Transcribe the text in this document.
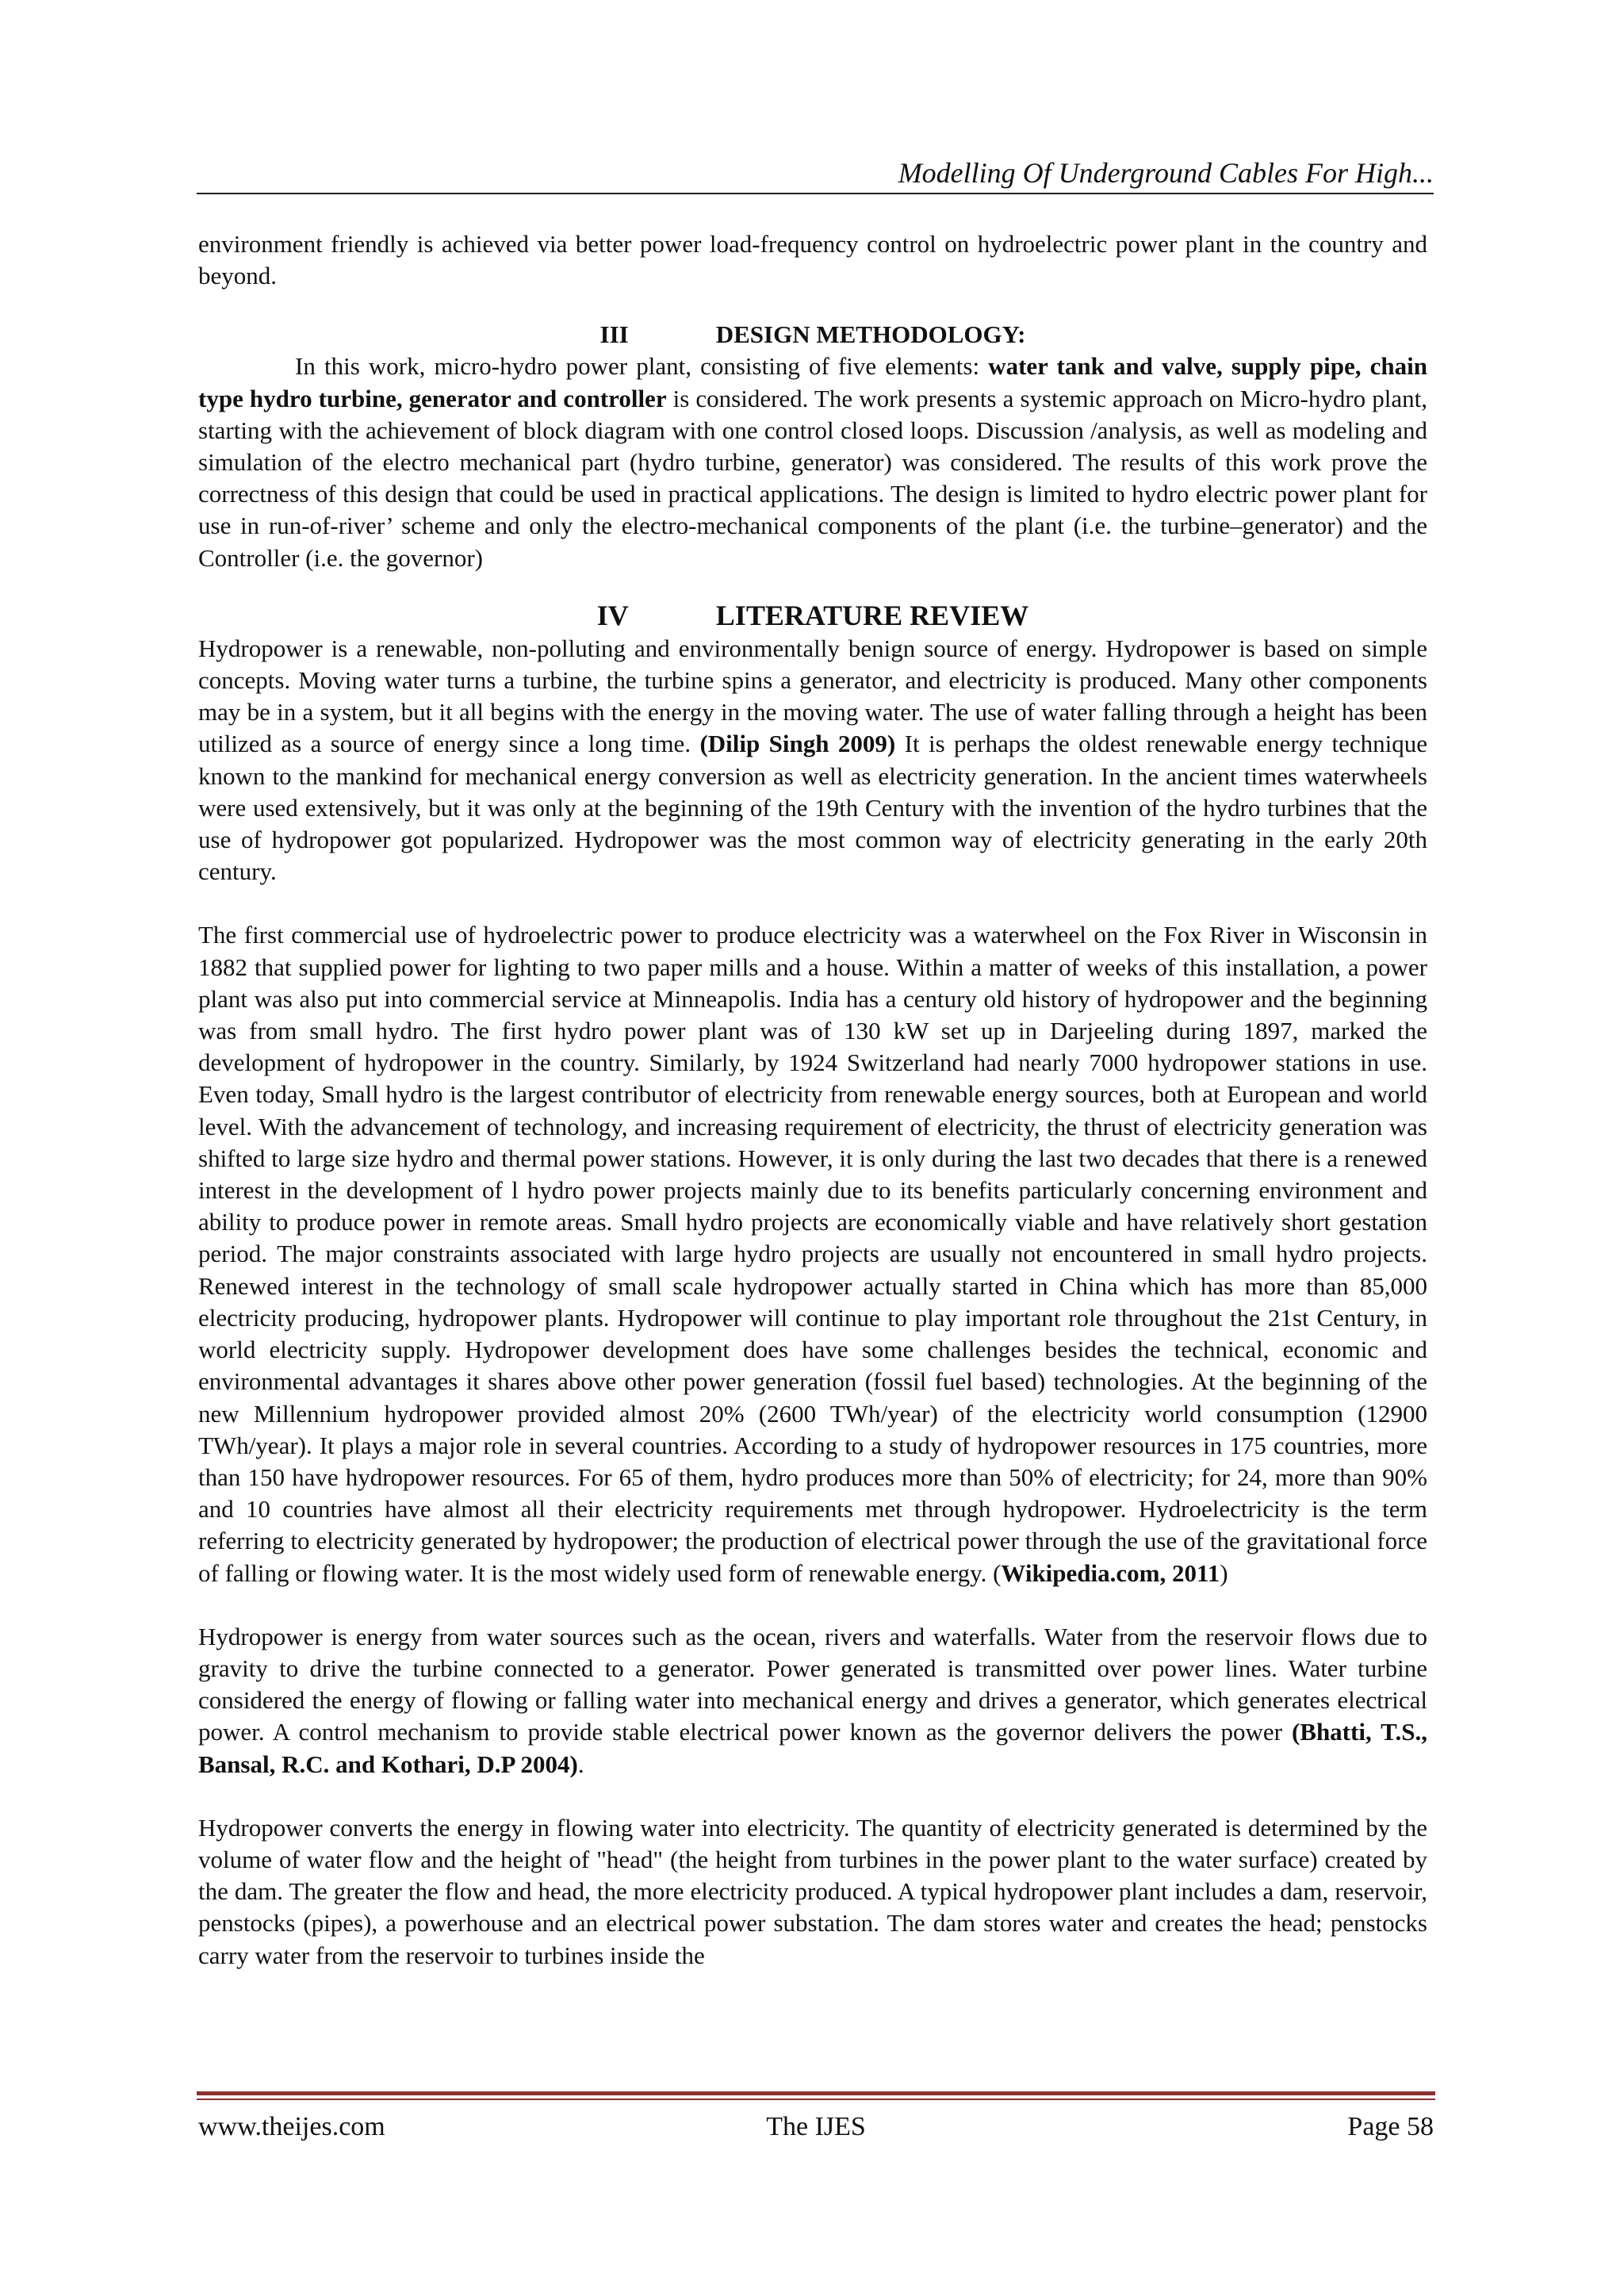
Modelling Of Underground Cables For High...

environment friendly is achieved via better power load-frequency control on hydroelectric power plant in the country and beyond.

III	DESIGN METHODOLOGY:

In this work, micro-hydro power plant, consisting of five elements: water tank and valve, supply pipe, chain type hydro turbine, generator and controller is considered. The work presents a systemic approach on Micro-hydro plant, starting with the achievement of block diagram with one control closed loops. Discussion /analysis, as well as modeling and simulation of the electro mechanical part (hydro turbine, generator) was considered. The results of this work prove the correctness of this design that could be used in practical applications. The design is limited to hydro electric power plant for use in run-of-river’ scheme and only the electro-mechanical components of the plant (i.e. the turbine–generator) and the Controller (i.e. the governor)

IV	LITERATURE REVIEW

Hydropower is a renewable, non-polluting and environmentally benign source of energy. Hydropower is based on simple concepts. Moving water turns a turbine, the turbine spins a generator, and electricity is produced. Many other components may be in a system, but it all begins with the energy in the moving water. The use of water falling through a height has been utilized as a source of energy since a long time. (Dilip Singh 2009) It is perhaps the oldest renewable energy technique known to the mankind for mechanical energy conversion as well as electricity generation. In the ancient times waterwheels were used extensively, but it was only at the beginning of the 19th Century with the invention of the hydro turbines that the use of hydropower got popularized. Hydropower was the most common way of electricity generating in the early 20th century.

The first commercial use of hydroelectric power to produce electricity was a waterwheel on the Fox River in Wisconsin in 1882 that supplied power for lighting to two paper mills and a house. Within a matter of weeks of this installation, a power plant was also put into commercial service at Minneapolis. India has a century old history of hydropower and the beginning was from small hydro. The first hydro power plant was of 130 kW set up in Darjeeling during 1897, marked the development of hydropower in the country. Similarly, by 1924 Switzerland had nearly 7000 hydropower stations in use. Even today, Small hydro is the largest contributor of electricity from renewable energy sources, both at European and world level. With the advancement of technology, and increasing requirement of electricity, the thrust of electricity generation was shifted to large size hydro and thermal power stations. However, it is only during the last two decades that there is a renewed interest in the development of l hydro power projects mainly due to its benefits particularly concerning environment and ability to produce power in remote areas. Small hydro projects are economically viable and have relatively short gestation period. The major constraints associated with large hydro projects are usually not encountered in small hydro projects. Renewed interest in the technology of small scale hydropower actually started in China which has more than 85,000 electricity producing, hydropower plants. Hydropower will continue to play important role throughout the 21st Century, in world electricity supply. Hydropower development does have some challenges besides the technical, economic and environmental advantages it shares above other power generation (fossil fuel based) technologies. At the beginning of the new Millennium hydropower provided almost 20% (2600 TWh/year) of the electricity world consumption (12900 TWh/year). It plays a major role in several countries. According to a study of hydropower resources in 175 countries, more than 150 have hydropower resources. For 65 of them, hydro produces more than 50% of electricity; for 24, more than 90% and 10 countries have almost all their electricity requirements met through hydropower. Hydroelectricity is the term referring to electricity generated by hydropower; the production of electrical power through the use of the gravitational force of falling or flowing water. It is the most widely used form of renewable energy. (Wikipedia.com, 2011)

Hydropower is energy from water sources such as the ocean, rivers and waterfalls. Water from the reservoir flows due to gravity to drive the turbine connected to a generator. Power generated is transmitted over power lines. Water turbine considered the energy of flowing or falling water into mechanical energy and drives a generator, which generates electrical power. A control mechanism to provide stable electrical power known as the governor delivers the power (Bhatti, T.S., Bansal, R.C. and Kothari, D.P 2004).

Hydropower converts the energy in flowing water into electricity. The quantity of electricity generated is determined by the volume of water flow and the height of "head" (the height from turbines in the power plant to the water surface) created by the dam. The greater the flow and head, the more electricity produced. A typical hydropower plant includes a dam, reservoir, penstocks (pipes), a powerhouse and an electrical power substation. The dam stores water and creates the head; penstocks carry water from the reservoir to turbines inside the

www.theijes.com	The IJES	Page 58
